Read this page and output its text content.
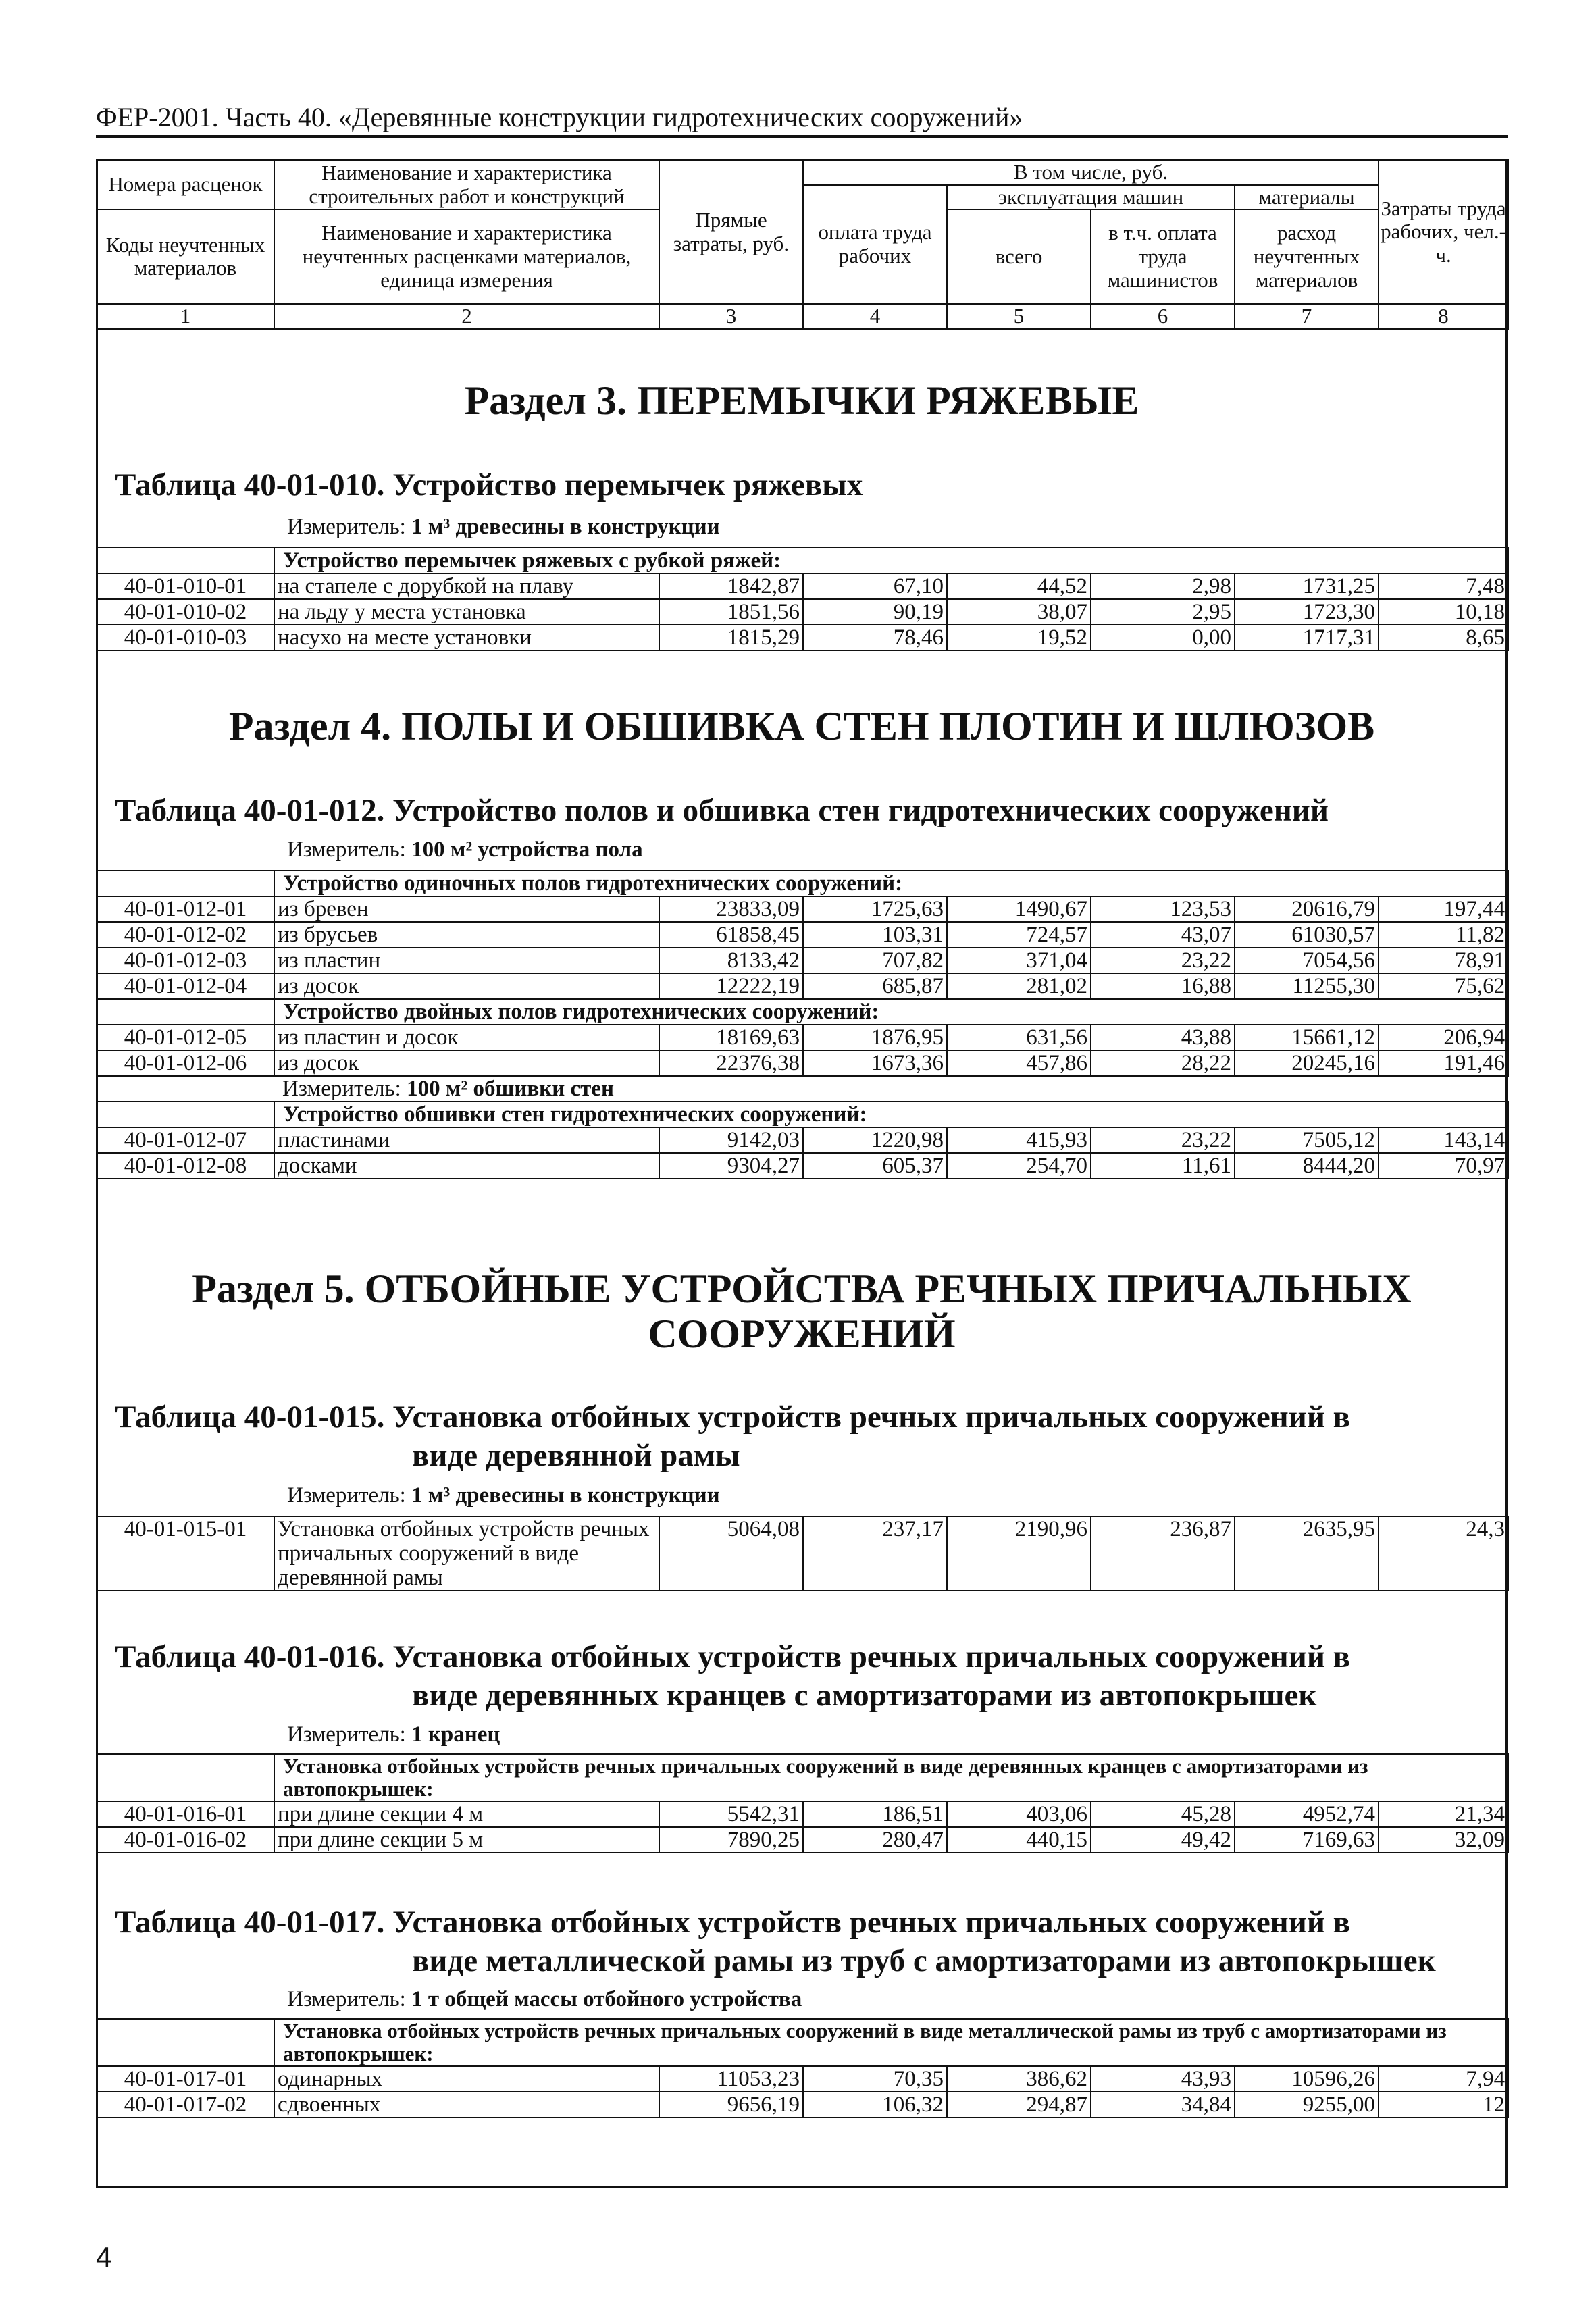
ФЕР-2001. Часть 40. «Деревянные конструкции гидротехнических сооружений»
Номера расценок	Наименование и характеристика строительных работ и конструкций	Прямые затраты, руб.	В том числе, руб.				Затраты труда рабочих, чел.-ч.
			оплата труда рабочих	эксплуатация машин		материалы	
Коды неучтенных материалов	Наименование и характеристика неучтенных расценками материалов, единица измерения			всего	в т.ч. оплата труда машинистов	расход неучтенных материалов	

1	2	3	4	5	6	7	8
Раздел 3. ПЕРЕМЫЧКИ РЯЖЕВЫЕ
Таблица 40-01-010. Устройство перемычек ряжевых
Измеритель: 1 м³ древесины в конструкции
	Устройство перемычек ряжевых с рубкой ряжей:						
40-01-010-01	на стапеле с дорубкой на плаву	1842,87	67,10	44,52	2,98	1731,25	7,48
40-01-010-02	на льду у места установка	1851,56	90,19	38,07	2,95	1723,30	10,18
40-01-010-03	насухо на месте установки	1815,29	78,46	19,52	0,00	1717,31	8,65
Раздел 4. ПОЛЫ И ОБШИВКА СТЕН ПЛОТИН И ШЛЮЗОВ
Таблица 40-01-012. Устройство полов и обшивка стен гидротехнических сооружений
Измеритель: 100 м² устройства пола
	Устройство одиночных полов гидротехнических сооружений:						
40-01-012-01	из бревен	23833,09	1725,63	1490,67	123,53	20616,79	197,44
40-01-012-02	из брусьев	61858,45	103,31	724,57	43,07	61030,57	11,82
40-01-012-03	из пластин	8133,42	707,82	371,04	23,22	7054,56	78,91
40-01-012-04	из досок	12222,19	685,87	281,02	16,88	11255,30	75,62
	Устройство двойных полов гидротехнических сооружений:						
40-01-012-05	из пластин и досок	18169,63	1876,95	631,56	43,88	15661,12	206,94
40-01-012-06	из досок	22376,38	1673,36	457,86	28,22	20245,16	191,46
	Измеритель: 100 м² обшивки стен						
	Устройство обшивки стен гидротехнических сооружений:						
40-01-012-07	пластинами	9142,03	1220,98	415,93	23,22	7505,12	143,14
40-01-012-08	досками	9304,27	605,37	254,70	11,61	8444,20	70,97
Раздел 5. ОТБОЙНЫЕ УСТРОЙСТВА РЕЧНЫХ ПРИЧАЛЬНЫХ
СООРУЖЕНИЙ
Таблица 40-01-015. Установка отбойных устройств речных причальных сооружений в
виде деревянной рамы
Измеритель: 1 м³ древесины в конструкции
40-01-015-01	Установка отбойных устройств речных причальных сооружений в виде деревянной рамы	5064,08	237,17	2190,96	236,87	2635,95	24,3
Таблица 40-01-016. Установка отбойных устройств речных причальных сооружений в
виде деревянных кранцев с амортизаторами из автопокрышек
Измеритель: 1 кранец
	Установка отбойных устройств речных причальных сооружений в виде деревянных кранцев с амортизаторами из автопокрышек:						
40-01-016-01	при длине секции 4 м	5542,31	186,51	403,06	45,28	4952,74	21,34
40-01-016-02	при длине секции 5 м	7890,25	280,47	440,15	49,42	7169,63	32,09
Таблица 40-01-017. Установка отбойных устройств речных причальных сооружений в
виде металлической рамы из труб с амортизаторами из автопокрышек
Измеритель: 1 т общей массы отбойного устройства
	Установка отбойных устройств речных причальных сооружений в виде металлической рамы из труб с амортизаторами из автопокрышек:						
40-01-017-01	одинарных	11053,23	70,35	386,62	43,93	10596,26	7,94
40-01-017-02	сдвоенных	9656,19	106,32	294,87	34,84	9255,00	12
4
